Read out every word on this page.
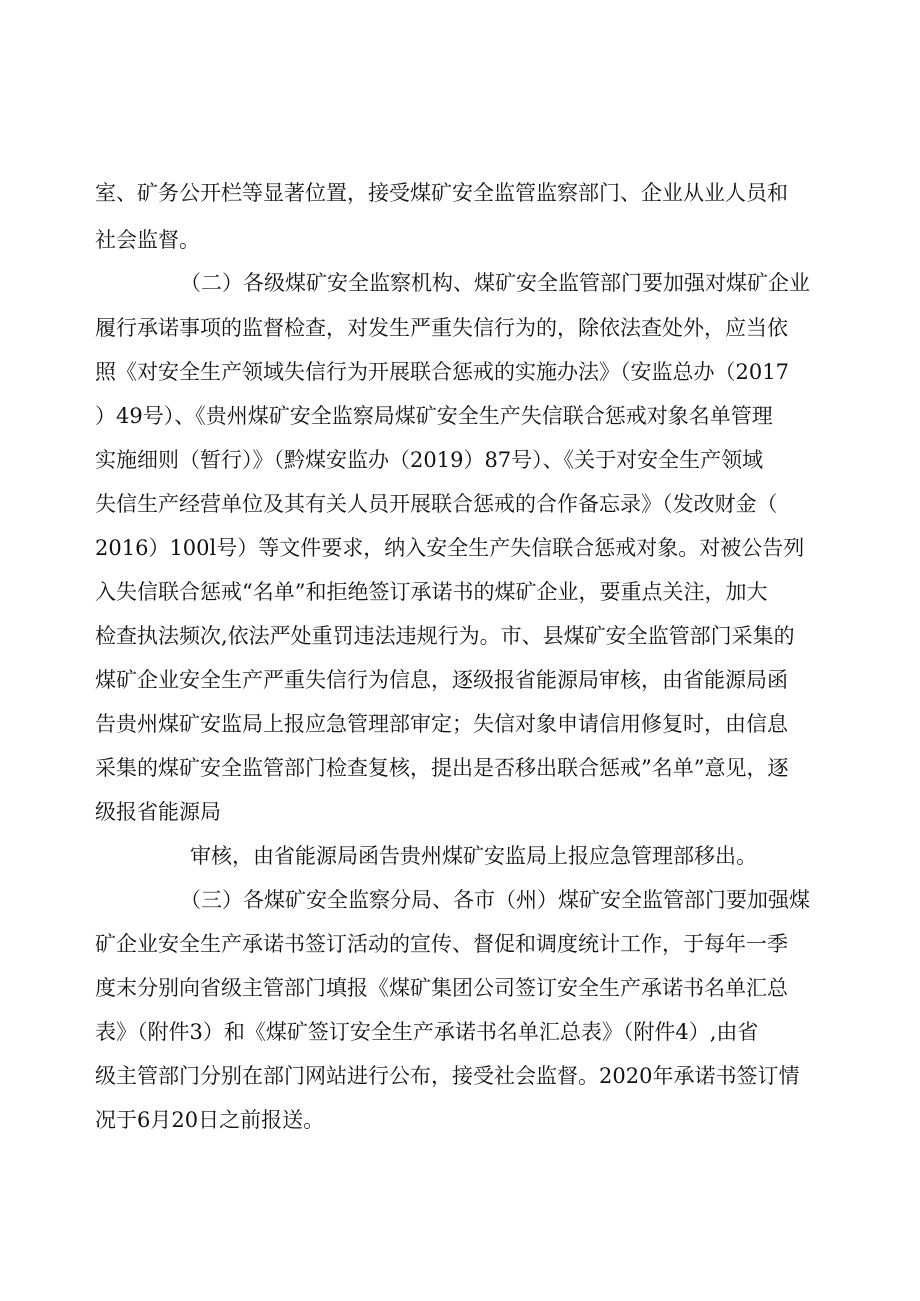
室、矿务公开栏等显著位置，接受煤矿安全监管监察部门、企业从业人员和

社会监督。

（二）各级煤矿安全监察机构、煤矿安全监管部门要加强对煤矿企业

履行承诺事项的监督检查，对发生严重失信行为的，除依法查处外，应当依

照《对安全生产领域失信行为开展联合惩戒的实施办法》（安监总办（2017

）49号）、《贵州煤矿安全监察局煤矿安全生产失信联合惩戒对象名单管理

实施细则（暂行）》（黔煤安监办（2019）87号）、《关于对安全生产领域

失信生产经营单位及其有关人员开展联合惩戒的合作备忘录》（发改财金（

2016）100l号）等文件要求，纳入安全生产失信联合惩戒对象。对被公告列

入失信联合惩戒“名单”和拒绝签订承诺书的煤矿企业，要重点关注，加大

检查执法频次,依法严处重罚违法违规行为。市、县煤矿安全监管部门采集的

煤矿企业安全生产严重失信行为信息，逐级报省能源局审核，由省能源局函

告贵州煤矿安监局上报应急管理部审定；失信对象申请信用修复时，由信息

采集的煤矿安全监管部门检查复核，提出是否移出联合惩戒”名单”意见，逐

级报省能源局

审核，由省能源局函告贵州煤矿安监局上报应急管理部移出。

（三）各煤矿安全监察分局、各市（州）煤矿安全监管部门要加强煤

矿企业安全生产承诺书签订活动的宣传、督促和调度统计工作，于每年一季

度末分别向省级主管部门填报《煤矿集团公司签订安全生产承诺书名单汇总

表》（附件3）和《煤矿签订安全生产承诺书名单汇总表》（附件4）,由省

级主管部门分别在部门网站进行公布，接受社会监督。2020年承诺书签订情

况于6月20日之前报送。
